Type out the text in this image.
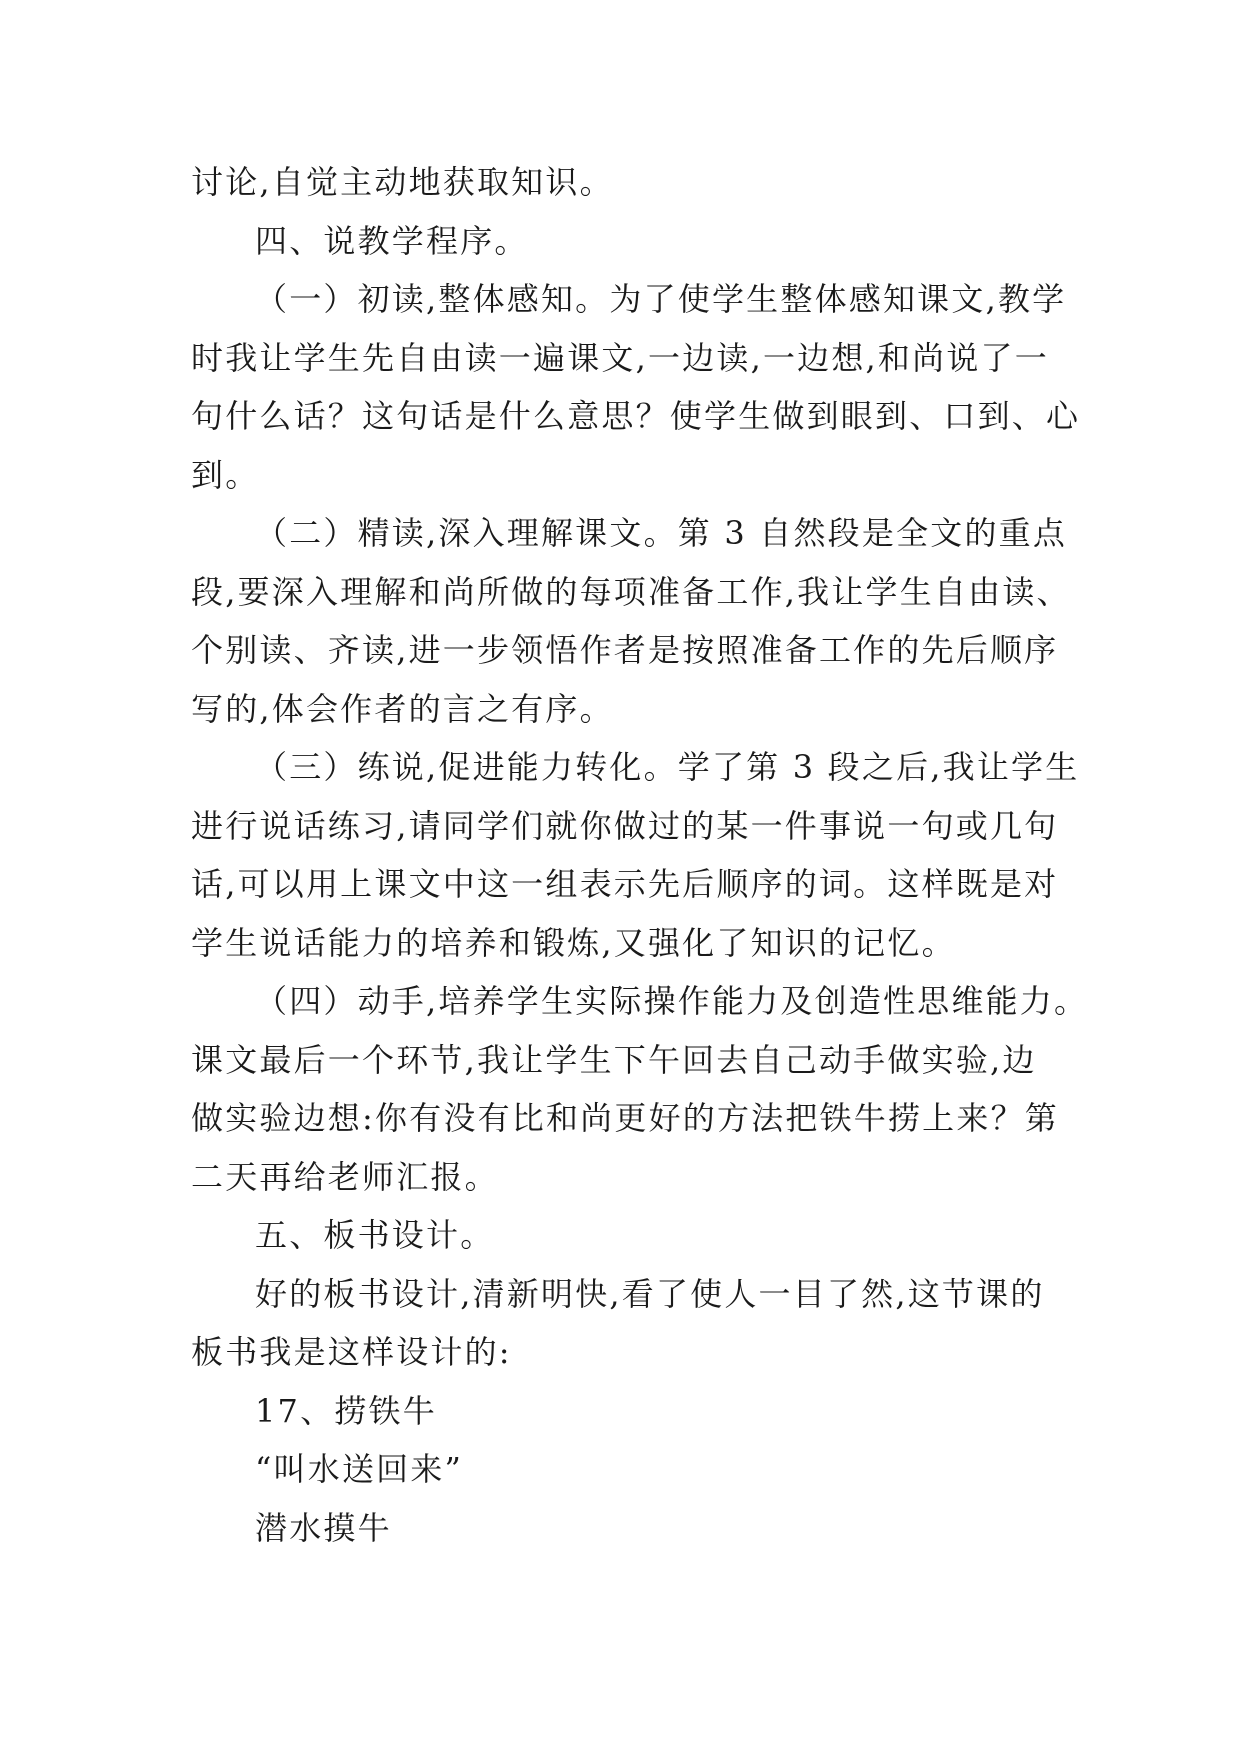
讨论,自觉主动地获取知识。
四、说教学程序。
（一）初读,整体感知。为了使学生整体感知课文,教学
时我让学生先自由读一遍课文,一边读,一边想,和尚说了一
句什么话？这句话是什么意思？使学生做到眼到、口到、心
到。
（二）精读,深入理解课文。第 3 自然段是全文的重点
段,要深入理解和尚所做的每项准备工作,我让学生自由读、
个别读、齐读,进一步领悟作者是按照准备工作的先后顺序
写的,体会作者的言之有序。
（三）练说,促进能力转化。学了第 3 段之后,我让学生
进行说话练习,请同学们就你做过的某一件事说一句或几句
话,可以用上课文中这一组表示先后顺序的词。这样既是对
学生说话能力的培养和锻炼,又强化了知识的记忆。
（四）动手,培养学生实际操作能力及创造性思维能力。
课文最后一个环节,我让学生下午回去自己动手做实验,边
做实验边想:你有没有比和尚更好的方法把铁牛捞上来？第
二天再给老师汇报。
五、板书设计。
好的板书设计,清新明快,看了使人一目了然,这节课的
板书我是这样设计的:
17、捞铁牛
“叫水送回来”
潜水摸牛
